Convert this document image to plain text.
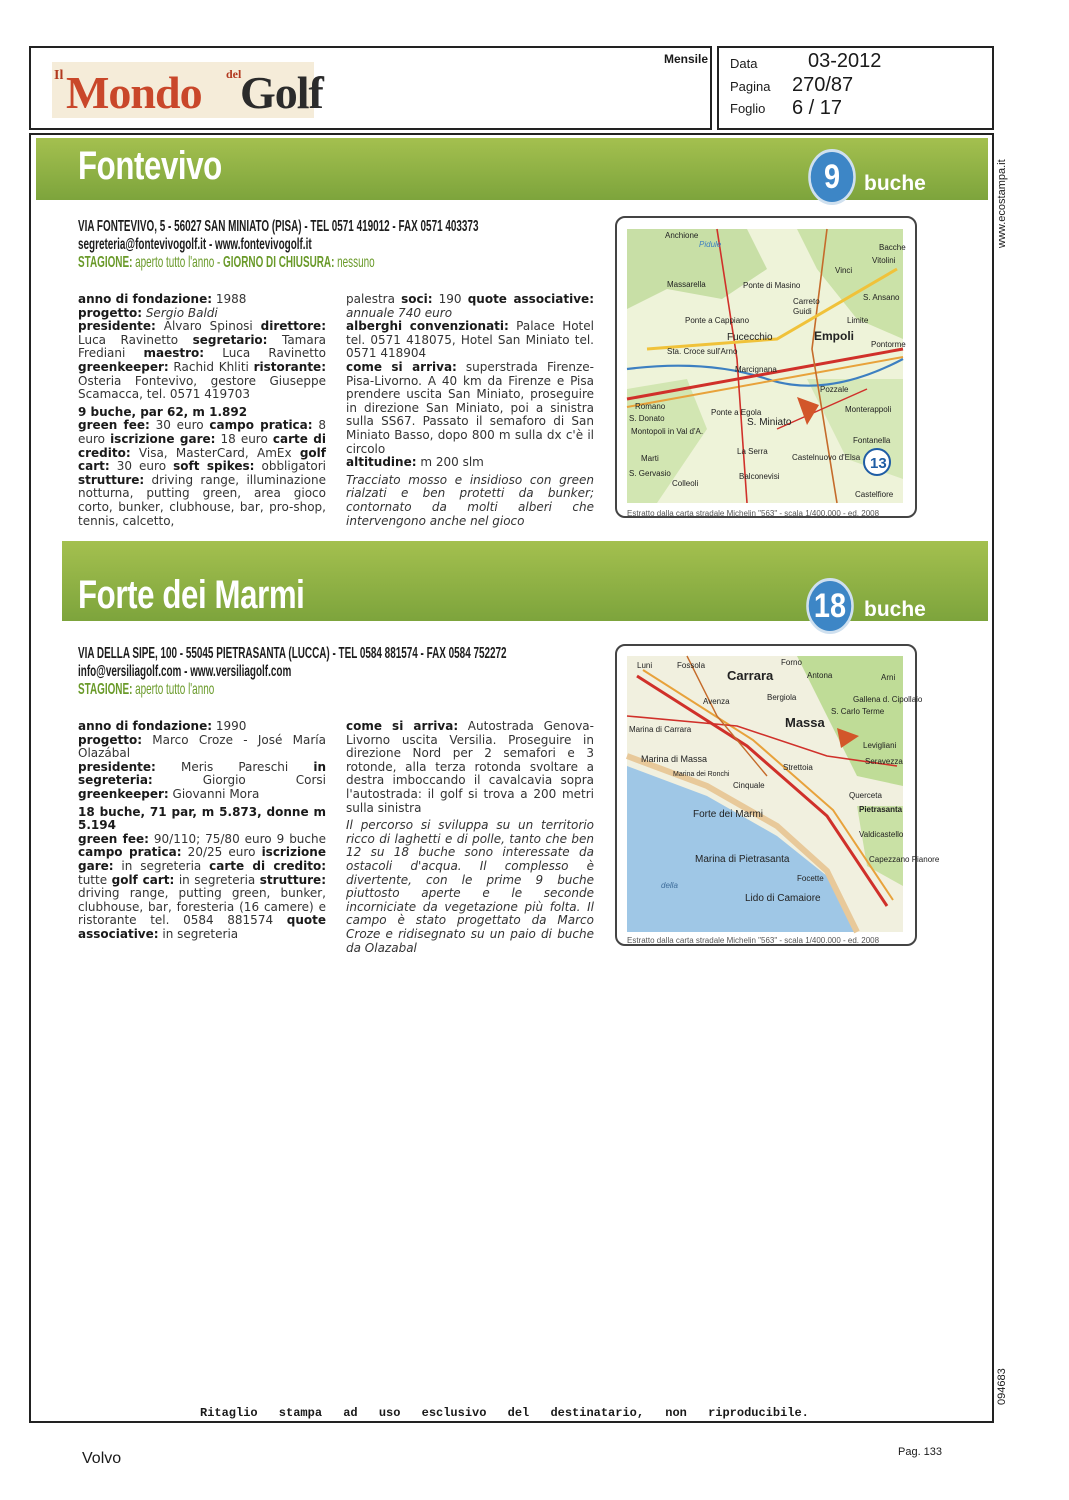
Mondo
Il	del
Golf
Mensile Data	03-2012
Pagina 270/87
Foglio 6 / 17
www.ecostampa.it
094683
Fontevivo	9	buche
VIA FONTEVIVO, 5 - 56027 SAN MINIATO (PISA) - TEL 0571 419012 - FAX 0571 403373
segreteria@fontevivogolf.it - www.fontevivogolf.it
STAGIONE: aperto tutto l'anno - GIORNO DI CHIUSURA: nessuno

anno di fondazione: 1988
progetto: Sergio Baldi
presidente: Alvaro Spinosi direttore: Luca Ravinetto segretario: Tamara Frediani maestro: Luca Ravinetto greenkeeper: Rachid Khliti ristorante: Osteria Fontevivo, gestore Giuseppe Scamacca, tel. 0571 419703

9 buche, par 62, m 1.892

green fee: 30 euro campo pratica: 8 euro iscrizione gare: 18 euro carte di credito: Visa, MasterCard, AmEx golf cart: 30 euro soft spikes: obbligatori strutture: driving range, illuminazione notturna, putting green, area gioco corto, bunker, clubhouse, bar, pro-shop, tennis, calcetto,

palestra soci: 190 quote associative: annuale 740 euro
alberghi convenzionati: Palace Hotel tel. 0571 418075, Hotel San Miniato tel. 0571 418904
come si arriva: superstrada Firenze-Pisa-Livorno. A 40 km da Firenze e Pisa prendere uscita San Miniato, proseguire in direzione San Miniato, poi a sinistra sulla SS67. Passato il semaforo di San Miniato Basso, dopo 800 m sulla dx c'è il circolo
altitudine: m 200 slm

Tracciato mosso e insidioso con green rialzati e ben protetti da bunker; contornato da molti alberi che intervengono anche nel gioco

13
Anchione
Pidule
Massarella	Ponte di Masino
Carreto
Guidi
Vinci
S. Ansano
Bacche
Vitolini
Ponte a Cappiano
Fucecchio	Empoli
Limite
Pontorme
Sta. Croce sull'Arno
Marcignana
S. Miniato
Pozzale
Montopoli in Val d'A.
Ponte a Egola
La Serra
Monterappoli
Fontanella
Castelnuovo d'Elsa
Marti
S. Gervasio
Colleoli
Balconevisi
Castelfiore
Romano
S. Donato
Estratto dalla carta stradale Michelin "563" - scala 1/400.000 - ed. 2008
Forte dei Marmi	18 buche
VIA DELLA SIPE, 100 - 55045 PIETRASANTA (LUCCA) - TEL 0584 881574 - FAX 0584 752272
info@versiliagolf.com - www.versiliagolf.com
STAGIONE: aperto tutto l'anno

anno di fondazione: 1990
progetto: Marco Croze - José María Olazábal
presidente: Meris Pareschi in segreteria: Giorgio Corsi greenkeeper: Giovanni Mora

18 buche, 71 par, m 5.873, donne m 5.194

green fee: 90/110; 75/80 euro 9 buche campo pratica: 20/25 euro iscrizione gare: in segreteria carte di credito: tutte golf cart: in segreteria strutture: driving range, putting green, bunker, clubhouse, bar, foresteria (16 camere) e ristorante tel. 0584 881574 quote associative: in segreteria

come si arriva: Autostrada Genova-Livorno uscita Versilia. Proseguire in direzione Nord per 2 semafori e 3 rotonde, alla terza rotonda svoltare a destra imboccando il cavalcavia sopra l'autostrada: il golf si trova a 200 metri sulla sinistra

Il percorso si sviluppa su un territorio ricco di laghetti e di polle, tanto che ben 12 su 18 buche sono interessate da ostacoli d'acqua. Il complesso è divertente, con le prime 9 buche piuttosto aperte e le seconde incorniciate da vegetazione più folta. Il campo è stato progettato da Marco Croze e ridisegnato su un paio di buche da Olazabal

Luni	Forno
Fossola
Carrara	Antona	Arni
Avenza	Bergiola	Gallena d. Cipollaio
Massa
S. Carlo Terme
Marina di Carrara
Marina di Massa
Marina dei Ronchi
Cinquale
Strettoia
Levigliani
Seravezza
Querceta
Forte dei Marmi	Pietrasanta
Valdicastello
Marina di Pietrasanta	Capezzano Pianore
Focette
Lido di Camaiore
della
Estratto dalla carta stradale Michelin "563" - scala 1/400.000 - ed. 2008
Ritaglio stampa ad uso esclusivo del destinatario, non riproducibile.
Volvo	Pag. 133
